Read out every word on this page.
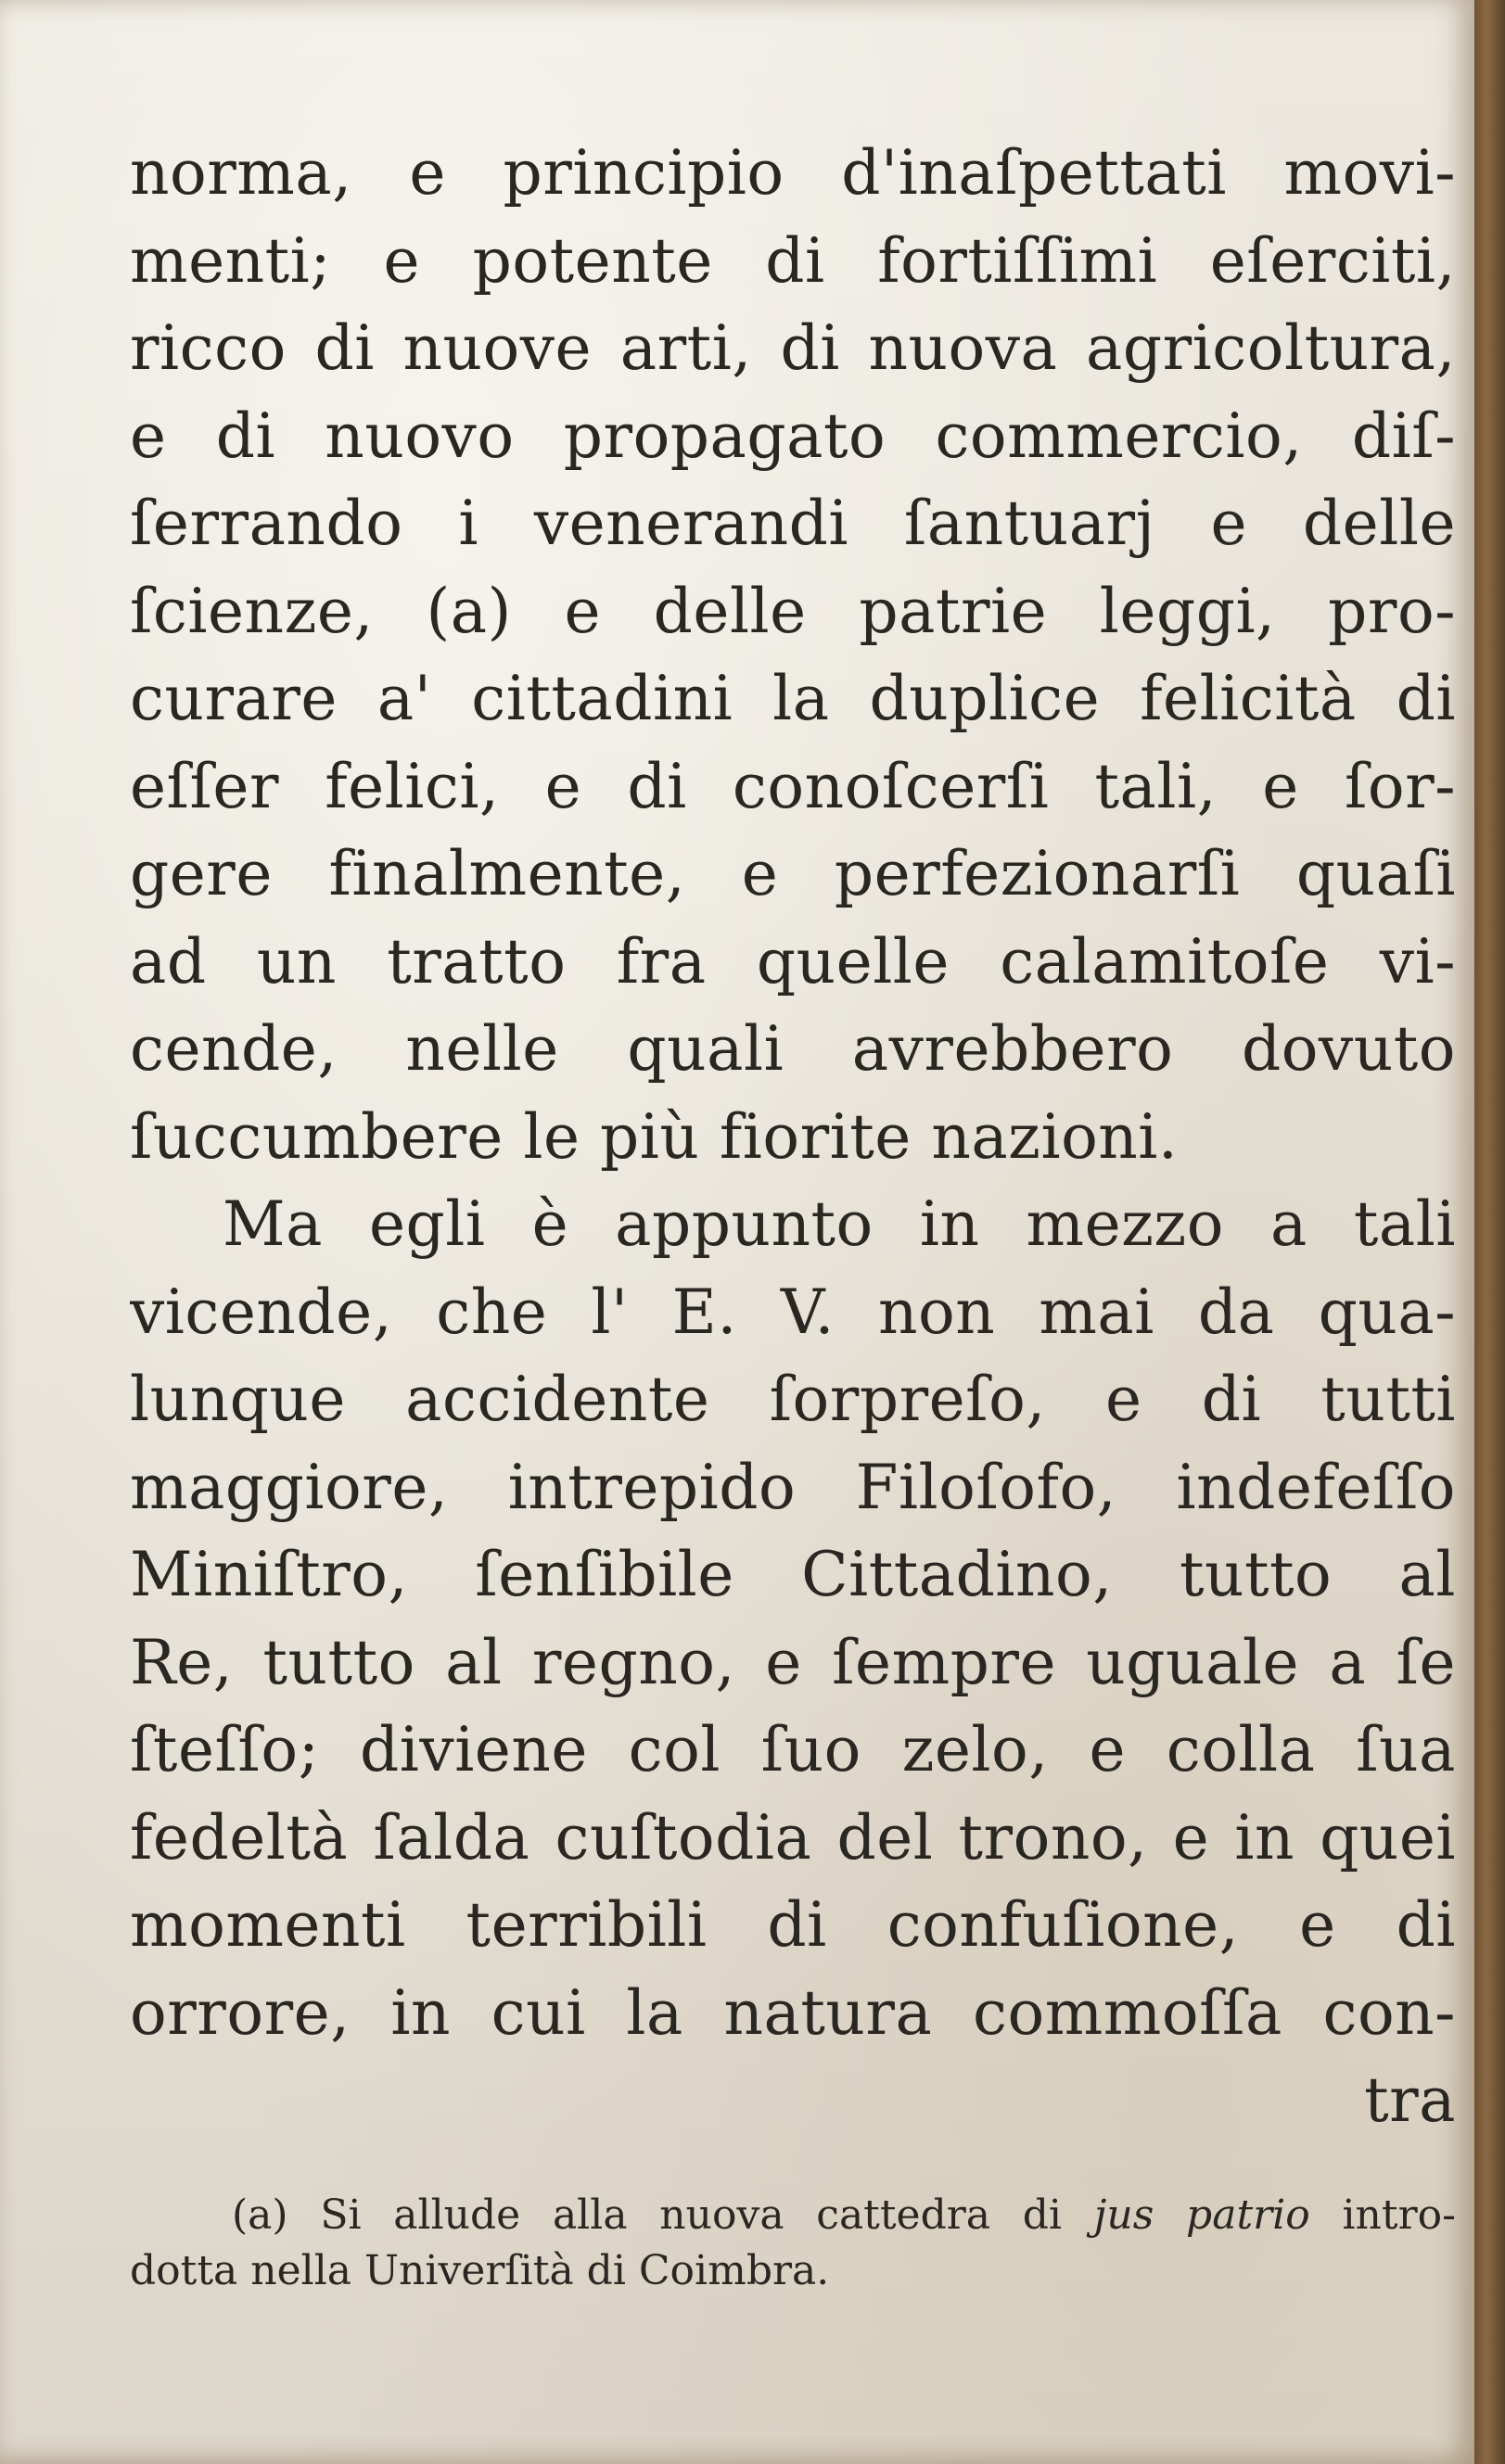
norma, e principio d'inaſpettati movi-
menti; e potente di fortiſſimi eſerciti,
ricco di nuove arti, di nuova agricoltura,
e di nuovo propagato commercio, diſ-
ſerrando i venerandi ſantuarj e delle
ſcienze, (a) e delle patrie leggi, pro-
curare a' cittadini la duplice felicità di
eſſer felici, e di conoſcerſi tali, e ſor-
gere finalmente, e perfezionarſi quaſi
ad un tratto fra quelle calamitoſe vi-
cende, nelle quali avrebbero dovuto
ſuccumbere le più fiorite nazioni.
Ma egli è appunto in mezzo a tali
vicende, che l' E. V. non mai da qua-
lunque accidente ſorpreſo, e di tutti
maggiore, intrepido Filoſofo, indefeſſo
Miniſtro, ſenſibile Cittadino, tutto al
Re, tutto al regno, e ſempre uguale a ſe
ſteſſo; diviene col ſuo zelo, e colla ſua
fedeltà ſalda cuſtodia del trono, e in quei
momenti terribili di confuſione, e di
orrore, in cui la natura commoſſa con-
tra
(a) Si allude alla nuova cattedra di jus patrio intro-
dotta nella Univerſità di Coimbra.
